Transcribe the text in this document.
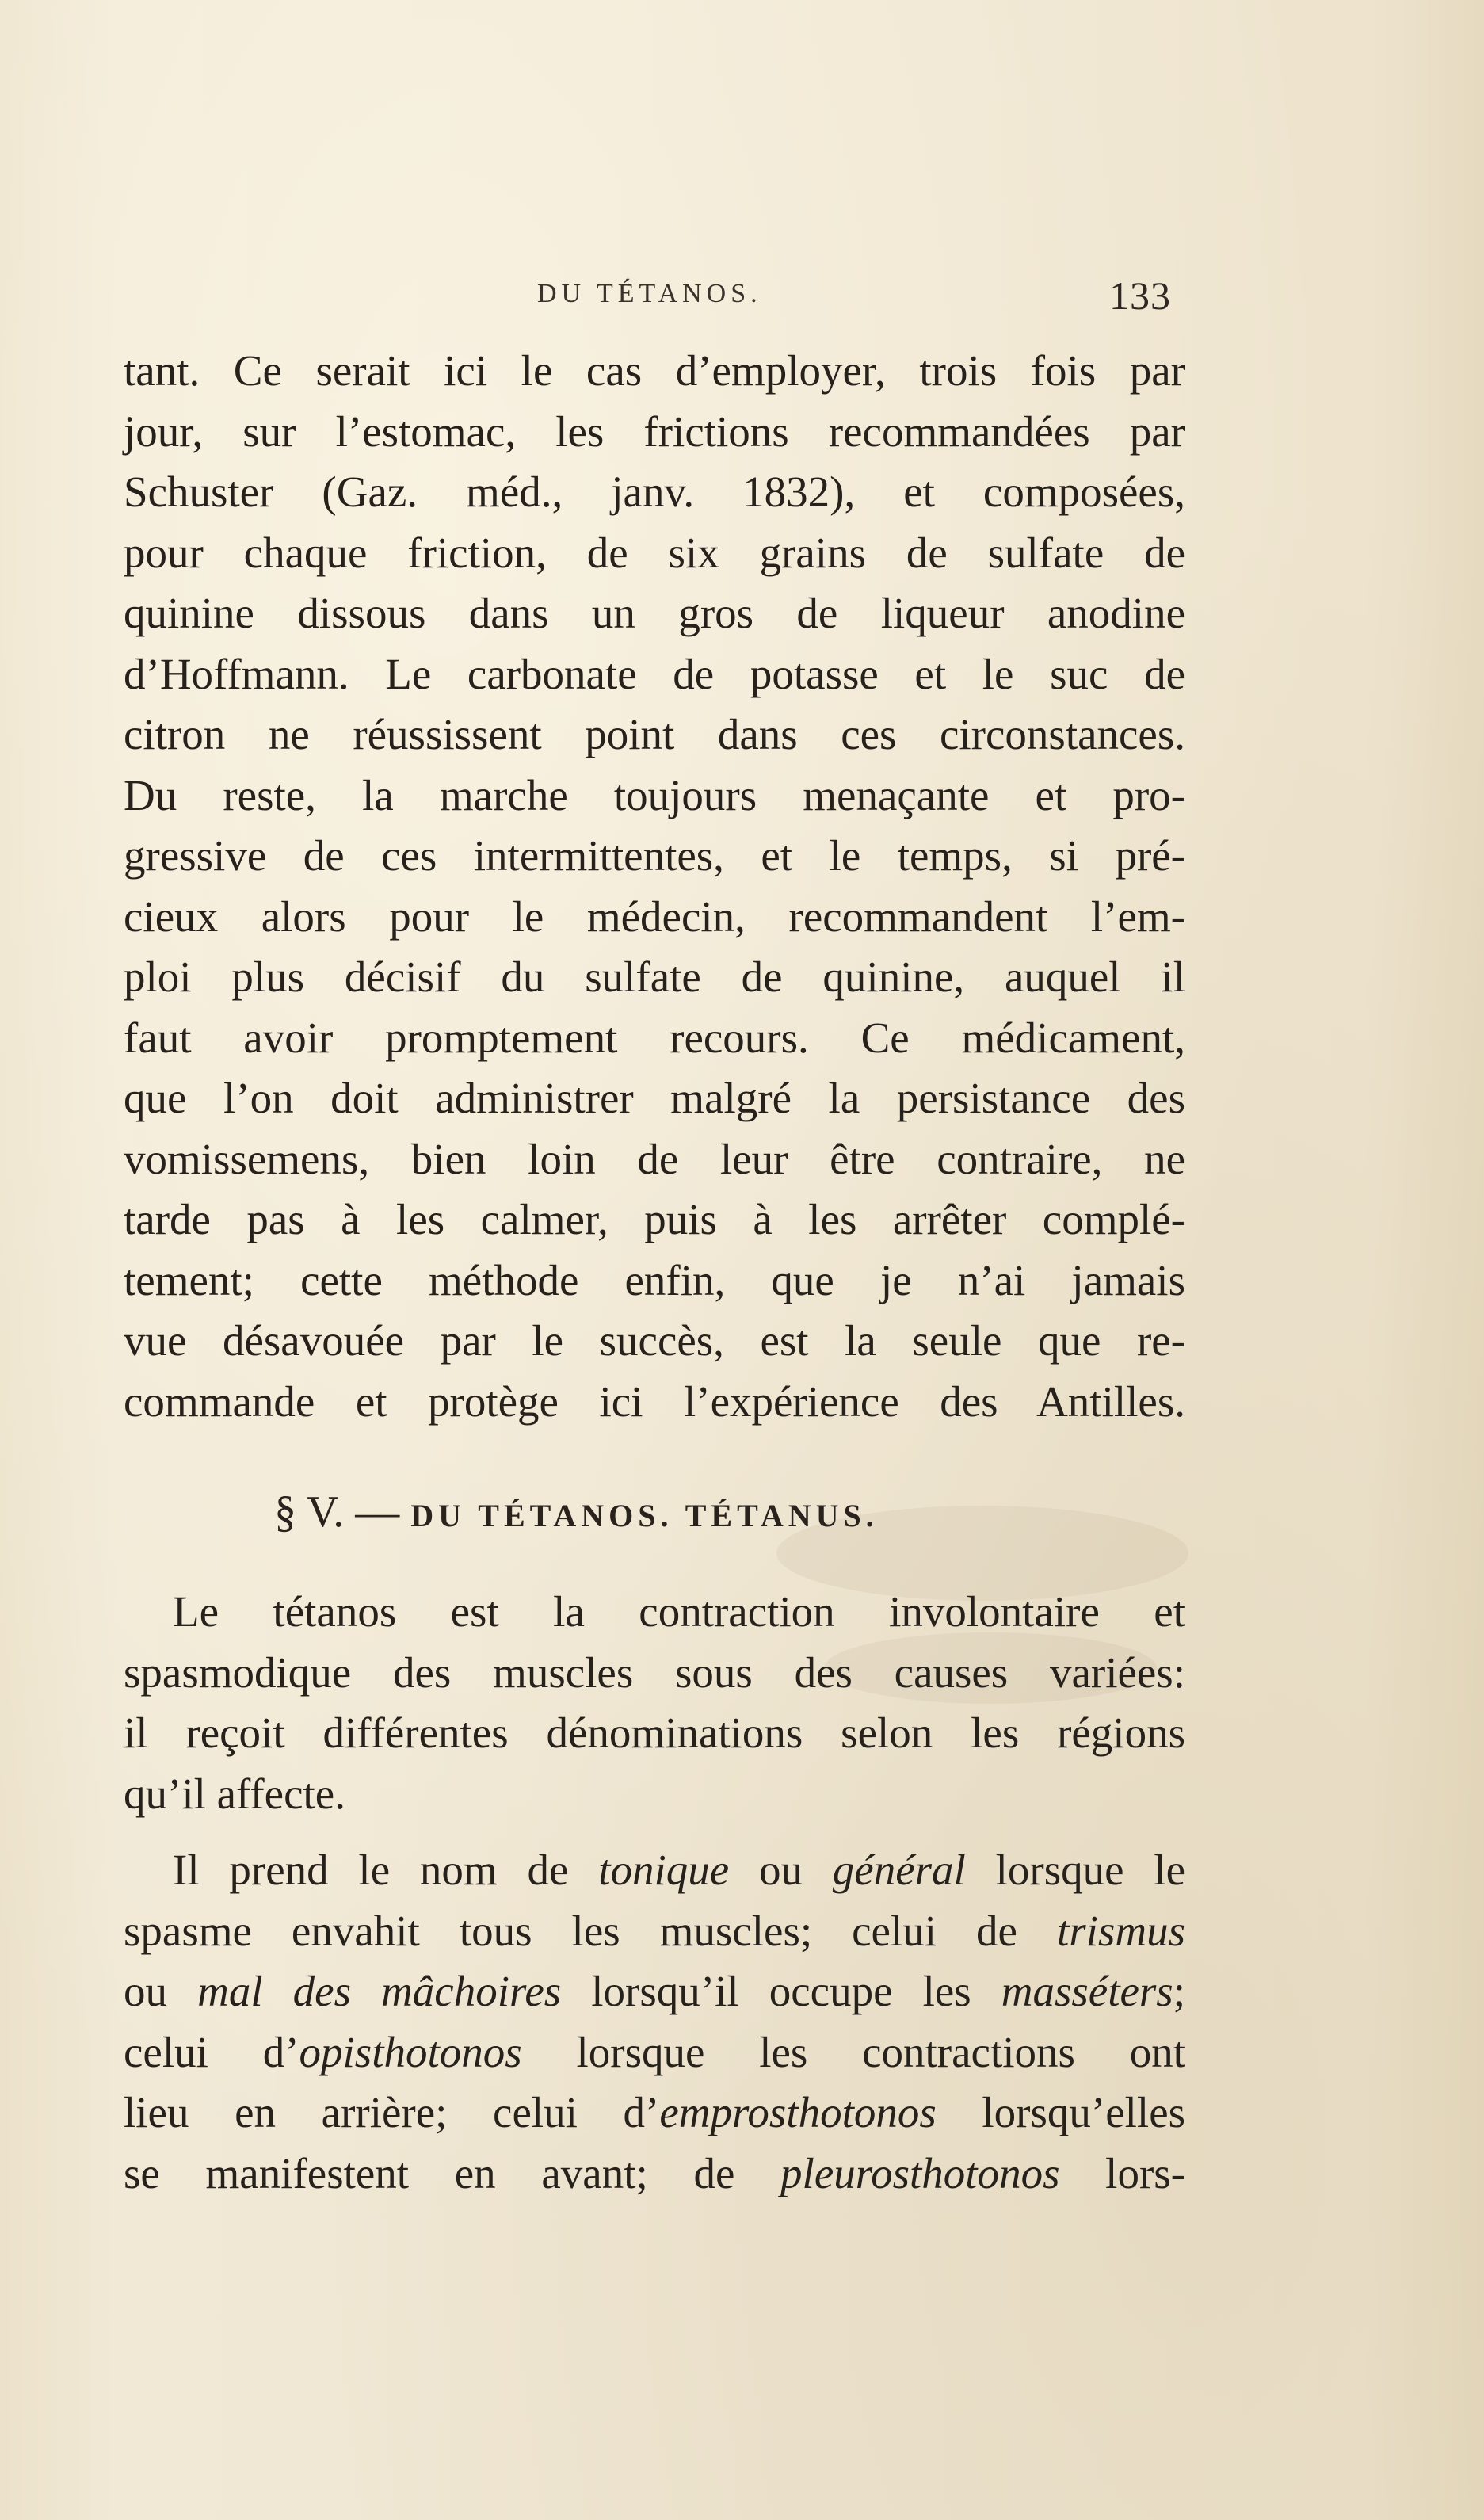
DU TÉTANOS.	133
tant. Ce serait ici le cas d’employer, trois fois par
jour, sur l’estomac, les frictions recommandées par
Schuster (Gaz. méd., janv. 1832), et composées,
pour chaque friction, de six grains de sulfate de
quinine dissous dans un gros de liqueur anodine
d’Hoffmann. Le carbonate de potasse et le suc de
citron ne réussissent point dans ces circonstances.
Du reste, la marche toujours menaçante et pro-
gressive de ces intermittentes, et le temps, si pré-
cieux alors pour le médecin, recommandent l’em-
ploi plus décisif du sulfate de quinine, auquel il
faut avoir promptement recours. Ce médicament,
que l’on doit administrer malgré la persistance des
vomissemens, bien loin de leur être contraire, ne
tarde pas à les calmer, puis à les arrêter complé-
tement; cette méthode enfin, que je n’ai jamais
vue désavouée par le succès, est la seule que re-
commande et protège ici l’expérience des Antilles.
§ V. — DU TÉTANOS. TÉTANUS.
Le tétanos est la contraction involontaire et
spasmodique des muscles sous des causes variées:
il reçoit différentes dénominations selon les régions
qu’il affecte.
Il prend le nom de tonique ou général lorsque le
spasme envahit tous les muscles; celui de trismus
ou mal des mâchoires lorsqu’il occupe les masséters;
celui d’opisthotonos lorsque les contractions ont
lieu en arrière; celui d’emprosthotonos lorsqu’elles
se manifestent en avant; de pleurosthotonos lors-
